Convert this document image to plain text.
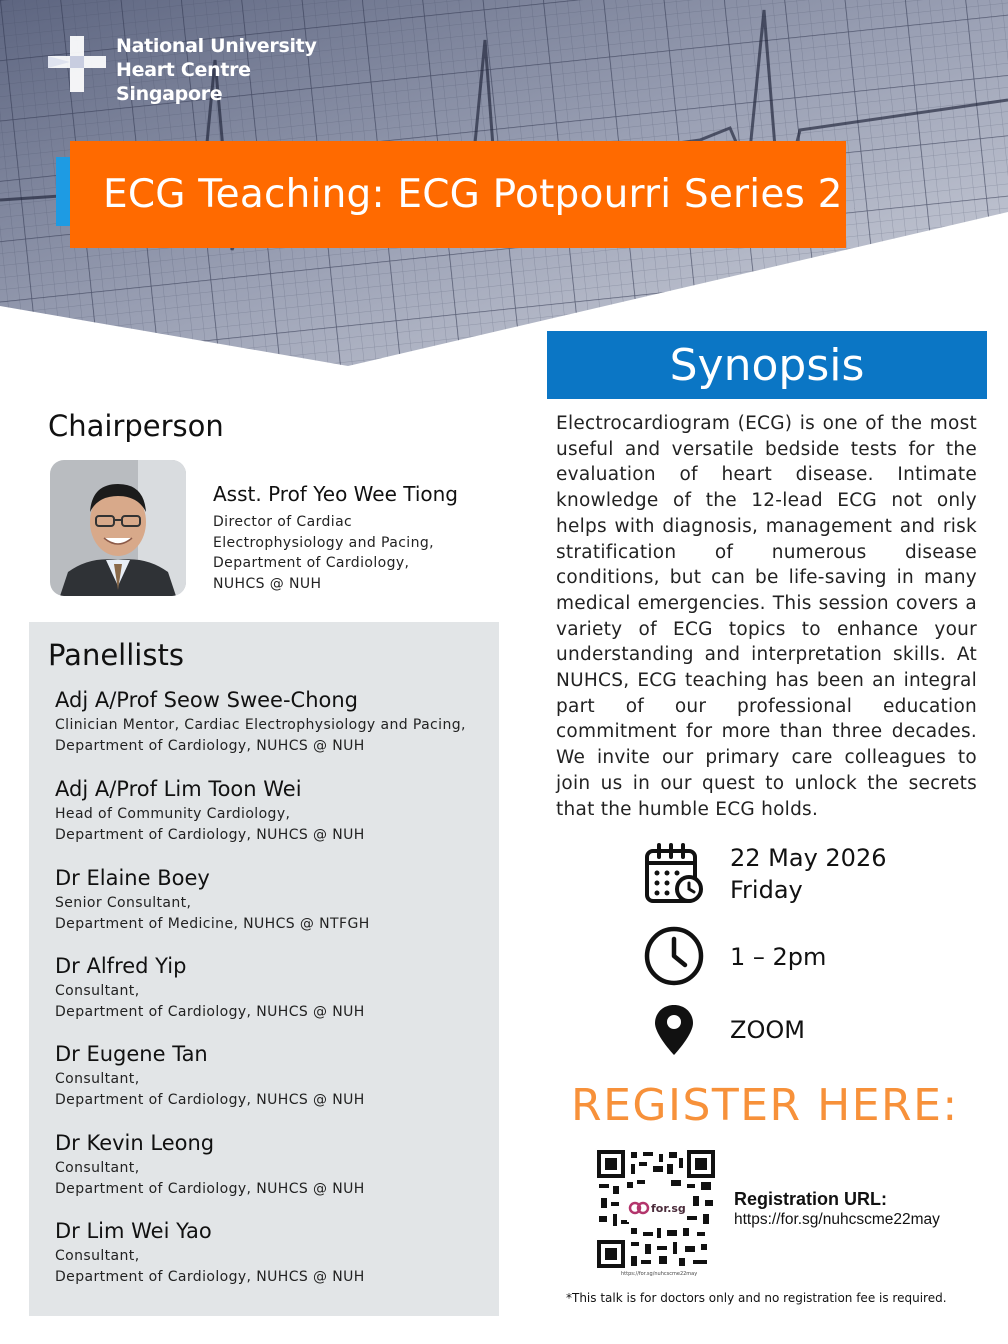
National University
Heart Centre
Singapore
ECG Teaching: ECG Potpourri Series 2
Chairperson
Asst. Prof Yeo Wee Tiong
Director of Cardiac
Electrophysiology and Pacing,
Department of Cardiology,
NUHCS @ NUH
Panellists
Adj A/Prof Seow Swee-Chong
Clinician Mentor, Cardiac Electrophysiology and Pacing,
Department of Cardiology, NUHCS @ NUH
Adj A/Prof Lim Toon Wei
Head of Community Cardiology,
Department of Cardiology, NUHCS @ NUH
Dr Elaine Boey
Senior Consultant,
Department of Medicine, NUHCS @ NTFGH
Dr Alfred Yip
Consultant,
Department of Cardiology, NUHCS @ NUH
Dr Eugene Tan
Consultant,
Department of Cardiology, NUHCS @ NUH
Dr Kevin Leong
Consultant,
Department of Cardiology, NUHCS @ NUH
Dr Lim Wei Yao
Consultant,
Department of Cardiology, NUHCS @ NUH
Synopsis

Electrocardiogram (ECG) is one of the most useful and versatile bedside tests for the evaluation of heart disease. Intimate knowledge of the 12-lead ECG not only helps with diagnosis, management and risk stratification of numerous disease conditions, but can be life-saving in many medical emergencies. This session covers a variety of ECG topics to enhance your understanding and interpretation skills. At NUHCS, ECG teaching has been an integral part of our professional education commitment for more than three decades. We invite our primary care colleagues to join us in our quest to unlock the secrets that the humble ECG holds.

22 May 2026
Friday
1 – 2pm
ZOOM
REGISTER HERE:
for.sg
https://for.sg/nuhcscme22may
Registration URL:
https://for.sg/nuhcscme22may
*This talk is for doctors only and no registration fee is required.
